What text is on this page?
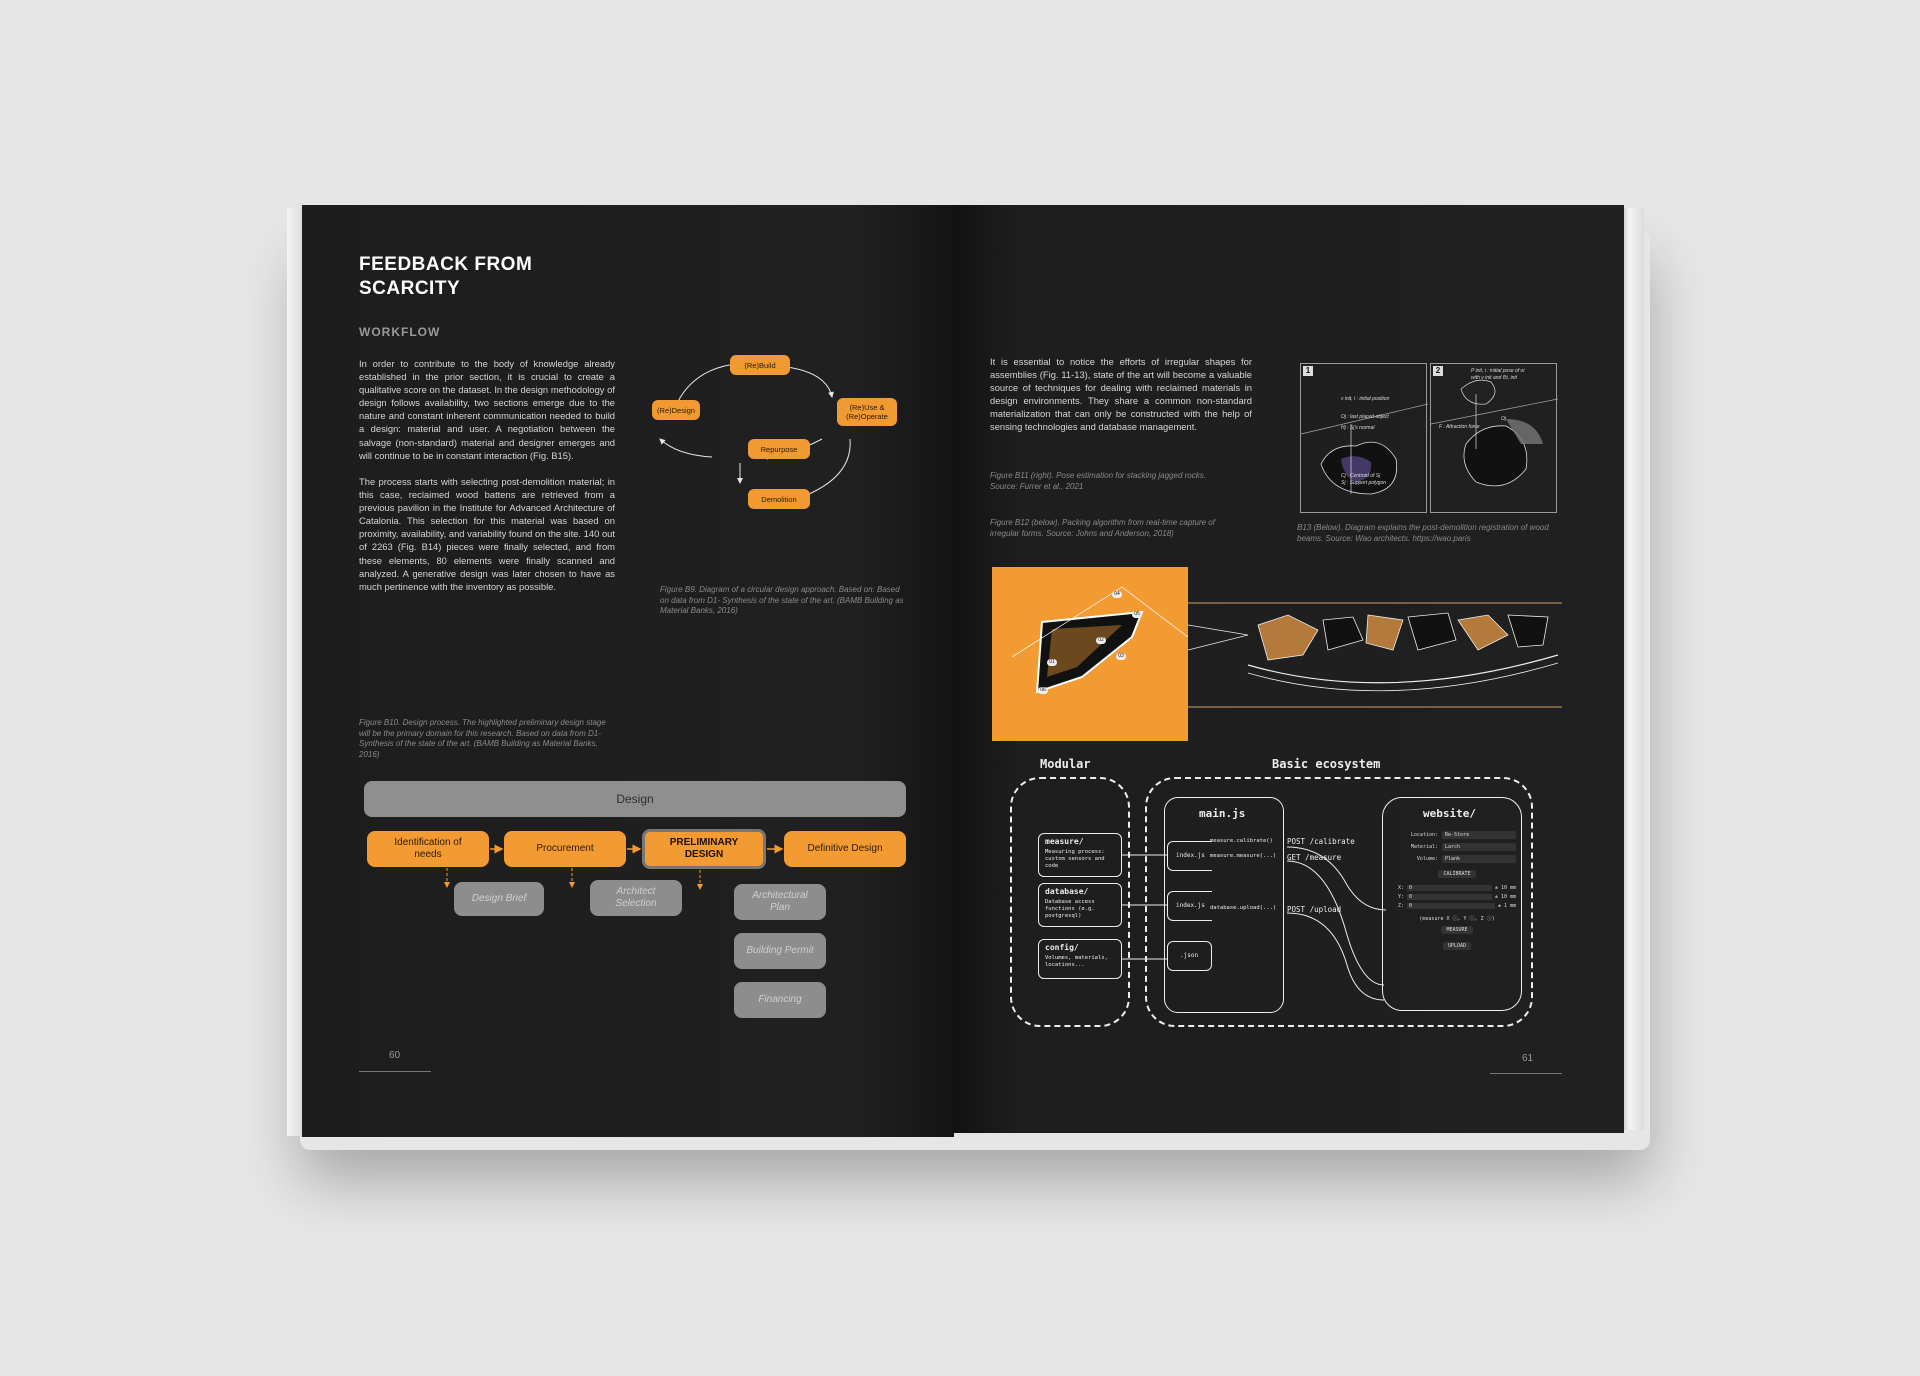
FEEDBACK FROM
SCARCITY
WORKFLOW
In order to contribute to the body of knowledge already established in the prior section, it is crucial to create a qualitative score on the dataset. In the design methodology of design follows availability, two sections emerge due to the nature and constant inherent communication needed to build a design: material and user. A negotiation between the salvage (non-standard) material and designer emerges and will continue to be in constant interaction (Fig. B15).
The process starts with selecting post-demolition material; in this case, reclaimed wood battens are retrieved from a previous pavilion in the Institute for Advanced Architecture of Catalonia. This selection for this material was based on proximity, availability, and variability found on the site. 140 out of 2263 (Fig. B14) pieces were finally selected, and from these elements, 80 elements were finally scanned and analyzed. A generative design was later chosen to have as much pertinence with the inventory as possible.
(Re)Build
(Re)Design	(Re)Use &
(Re)Operate
Repurpose
Demolition
Figure B9. Diagram of a circular design approach. Based on: Based on data from D1- Synthesis of the state of the art. (BAMB Building as Material Banks, 2016)
Figure B10. Design process. The highlighted preliminary design stage will be the primary domain for this research. Based on data from D1- Synthesis of the state of the art. (BAMB Building as Material Banks, 2016)
Design
Identification of
needs
Procurement
PRELIMINARY
DESIGN
Definitive Design
Design Brief
Architect
Selection
Architectural
Plan
Building Permit
Financing
60
It is essential to notice the efforts of irregular shapes for assemblies (Fig. 11-13), state of the art will become a valuable source of techniques for dealing with reclaimed materials in design environments. They share a common non-standard materialization that can only be constructed with the help of sensing technologies and database management.
Figure B11 (right). Pose estimation for stacking jagged rocks. Source: Furrer et al., 2021
Figure B12 (below). Packing algorithm from real-time capture of irregular forms. Source: Johns and Anderson, 2018)
B13 (Below). Diagram explains the post-demolition registration of wood beams. Source: Wao architects. https://wao.paris
1
v init, i : initial position
Oj : last placed object
Hj : Sj's normal
Cj : Centroid of Sj
Sj : Support polygon
2	P init, i : initial pose of oi
with v init and Θi, init
F : Attraction force
Oj
04
02
03
05
01
06
Modular	Basic ecosystem
main.js	website/
measure/
Measuring process: custom sensors and code
database/
Database access functions (e.g. postgresql)
config/
Volumes, materials, locations...
index.js
index.js
.json
measure.calibrate()
measure.measure(...)
database.upload(...)
POST /calibrate
GET /measure
POST /upload
Location:	Re-Store
Material:	Larch
Volume:	Plank
CALIBRATE
X:	0	± 10 mm
Y:	0	± 10 mm
Z:	0	± 1 mm
(measure X ⓘ, Y ⓘ, Z ⓘ)
MEASURE
UPLOAD
61
